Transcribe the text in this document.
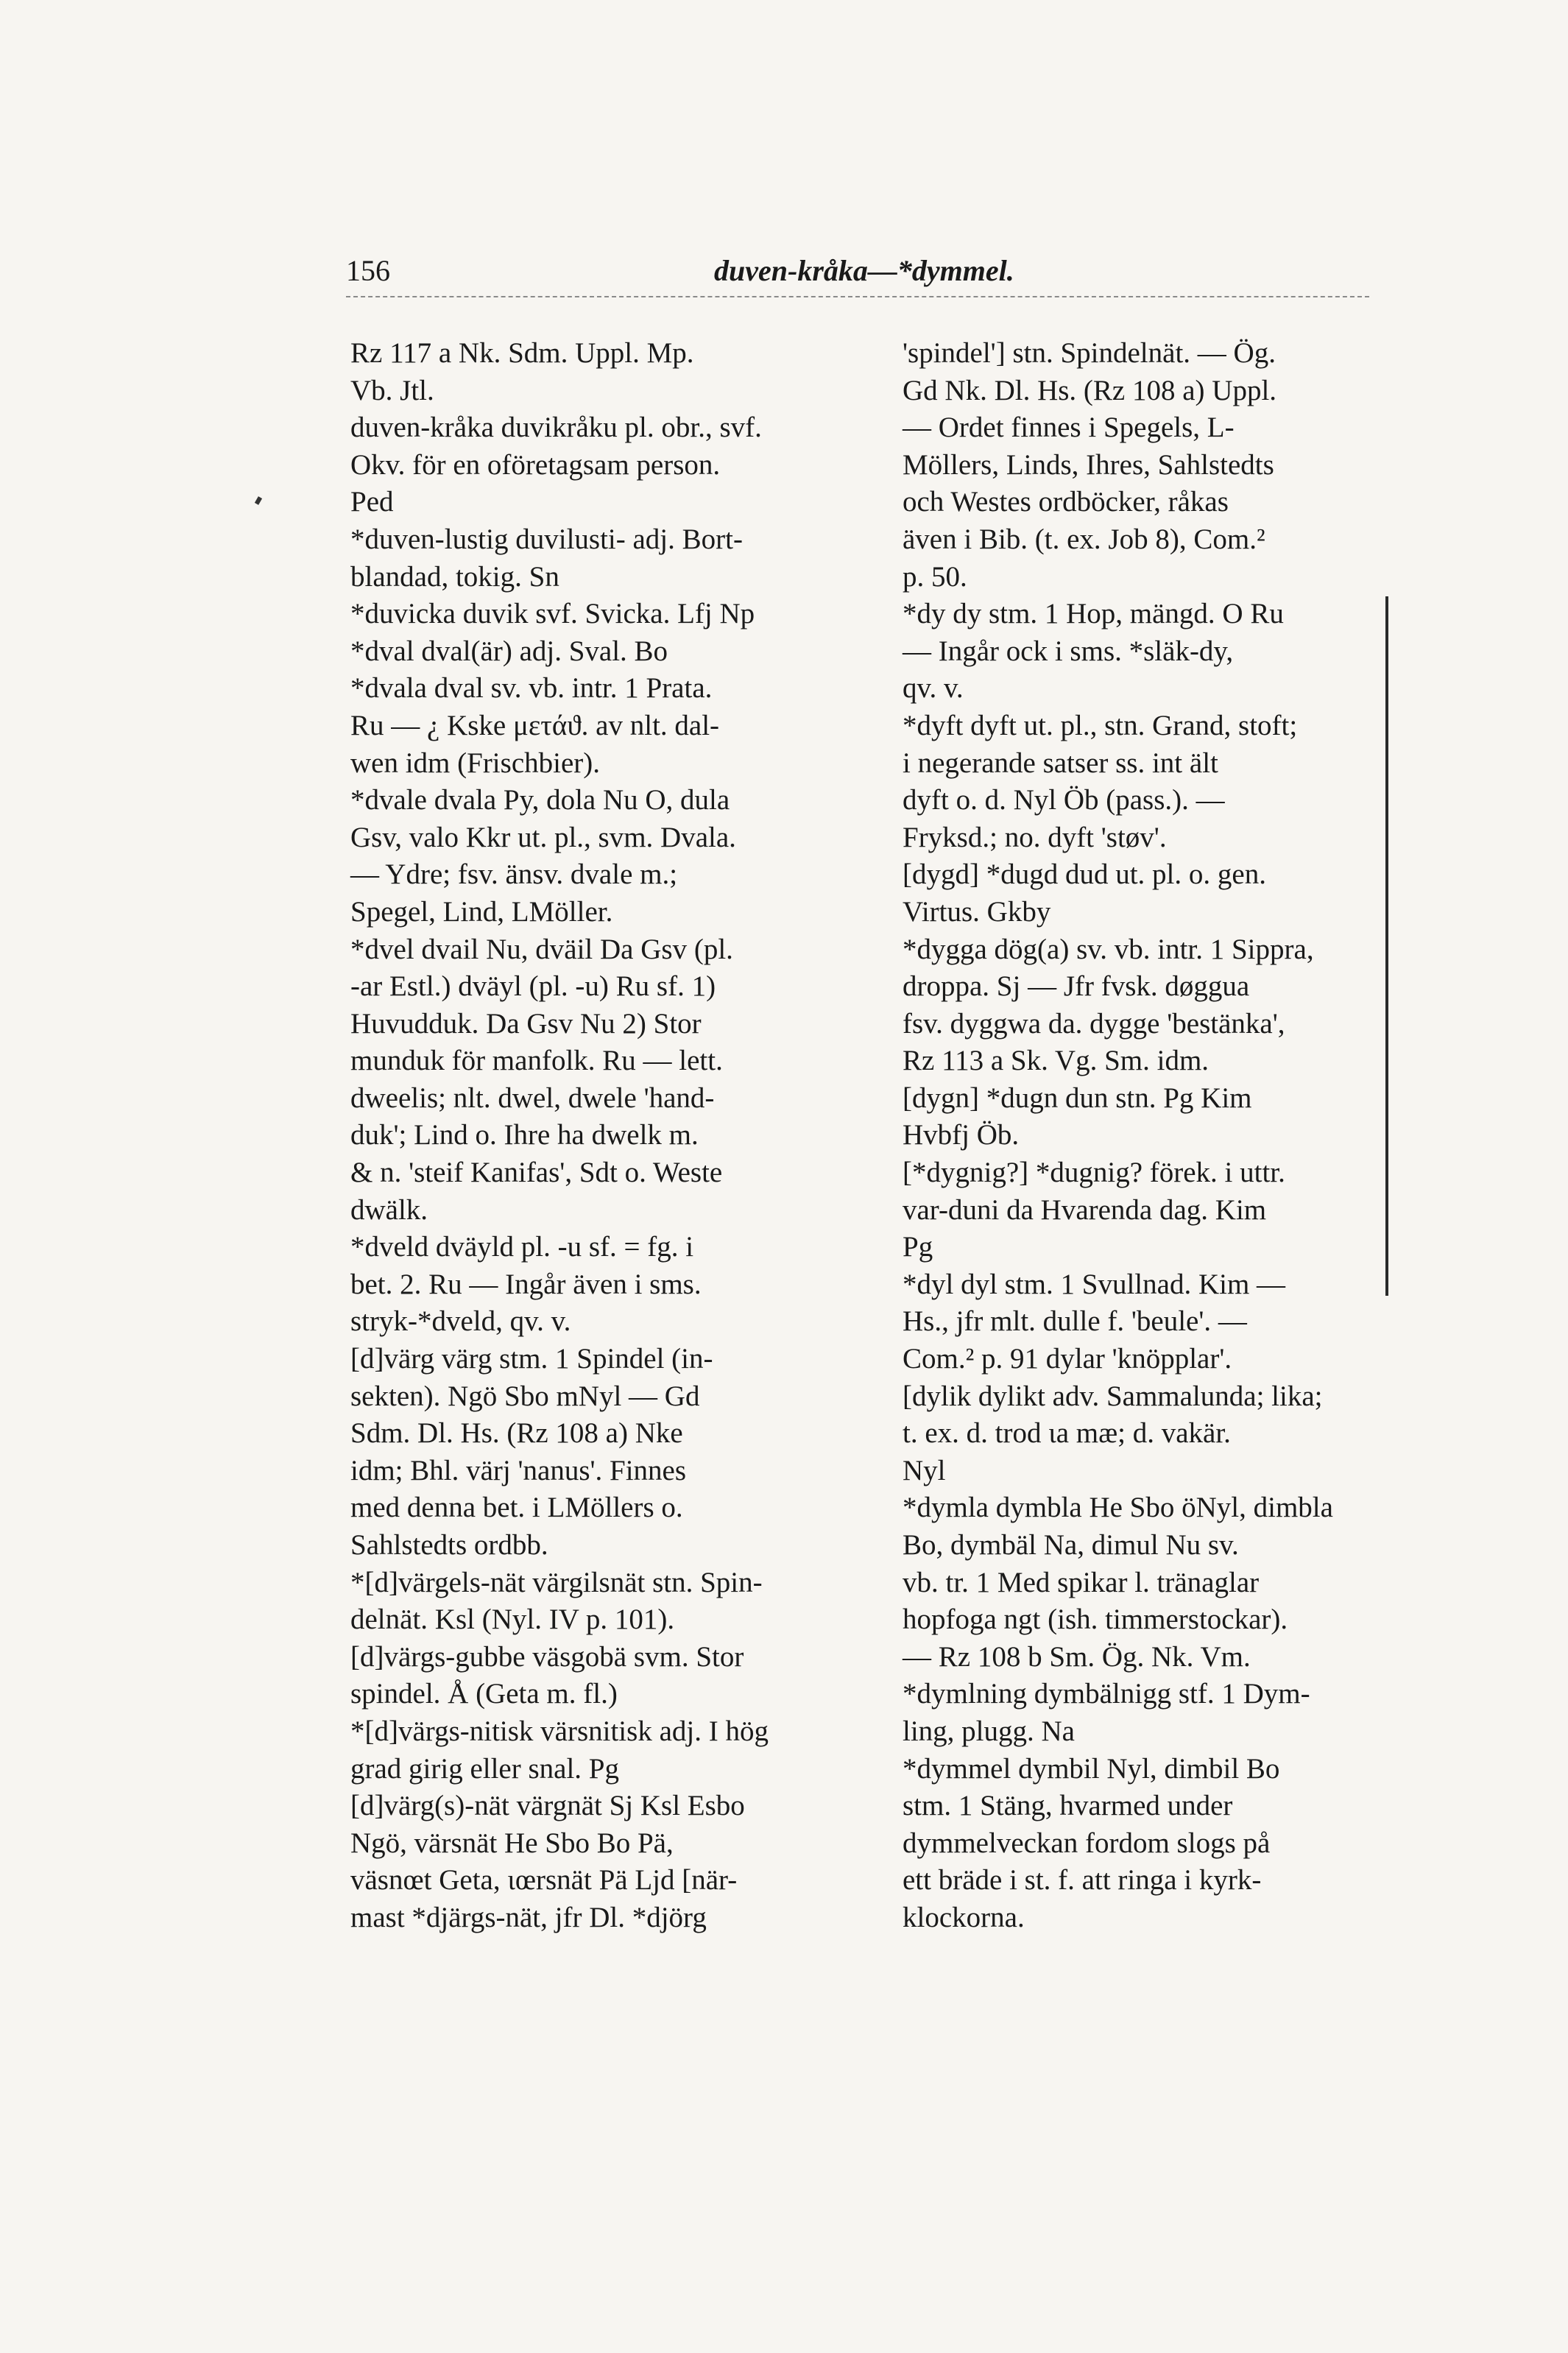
156	duven-kråka—*dymmel.
Rz 117 a Nk. Sdm. Uppl. Mp.
Vb. Jtl.
duven-kråka duvikråku pl. obr., svf.
Okv. för en oföretagsam person.
Ped
*duven-lustig duvilusti- adj. Bort-
blandad, tokig. Sn
*duvicka duvik svf. Svicka. Lfj Np
*dval dval(är) adj. Sval. Bo
*dvala dval sv. vb. intr. 1 Prata.
Ru — ¿ Kske μετάϑ. av nlt. dal-
wen idm (Frischbier).
*dvale dvala Py, dola Nu O, dula
Gsv, valo Kkr ut. pl., svm. Dvala.
— Ydre; fsv. änsv. dvale m.;
Spegel, Lind, LMöller.
*dvel dvail Nu, dväil Da Gsv (pl.
-ar Estl.) dväyl (pl. -u) Ru sf. 1)
Huvudduk. Da Gsv Nu 2) Stor
munduk för manfolk. Ru — lett.
dweelis; nlt. dwel, dwele 'hand-
duk'; Lind o. Ihre ha dwelk m.
& n. 'steif Kanifas', Sdt o. Weste
dwälk.
*dveld dväyld pl. -u sf. = fg. i
bet. 2. Ru — Ingår även i sms.
stryk-*dveld, qv. v.
[d]värg värg stm. 1 Spindel (in-
sekten). Ngö Sbo mNyl — Gd
Sdm. Dl. Hs. (Rz 108 a) Nke
idm; Bhl. värj 'nanus'. Finnes
med denna bet. i LMöllers o.
Sahlstedts ordbb.
*[d]värgels-nät värgilsnät stn. Spin-
delnät. Ksl (Nyl. IV p. 101).
[d]värgs-gubbe väsgobä svm. Stor
spindel. Å (Geta m. fl.)
*[d]värgs-nitisk värsnitisk adj. I hög
grad girig eller snal. Pg
[d]värg(s)-nät värgnät Sj Ksl Esbo
Ngö, värsnät He Sbo Bo Pä,
väsnœt Geta, ɩœrsnät Pä Ljd [när-
mast *djärgs-nät, jfr Dl. *djörg
'spindel'] stn. Spindelnät. — Ög.
Gd Nk. Dl. Hs. (Rz 108 a) Uppl.
— Ordet finnes i Spegels, L-
Möllers, Linds, Ihres, Sahlstedts
och Westes ordböcker, råkas
även i Bib. (t. ex. Job 8), Com.²
p. 50.
*dy dy stm. 1 Hop, mängd. O Ru
— Ingår ock i sms. *släk-dy,
qv. v.
*dyft dyft ut. pl., stn. Grand, stoft;
i negerande satser ss. int ält
dyft o. d. Nyl Öb (pass.). —
Fryksd.; no. dyft 'støv'.
[dygd] *dugd dud ut. pl. o. gen.
Virtus. Gkby
*dygga dög(a) sv. vb. intr. 1 Sippra,
droppa. Sj — Jfr fvsk. døggua
fsv. dyggwa da. dygge 'bestänka',
Rz 113 a Sk. Vg. Sm. idm.
[dygn] *dugn dun stn. Pg Kim
Hvbfj Öb.
[*dygnig?] *dugnig? förek. i uttr.
var-duni da Hvarenda dag. Kim
Pg
*dyl dyl stm. 1 Svullnad. Kim —
Hs., jfr mlt. dulle f. 'beule'. —
Com.² p. 91 dylar 'knöpplar'.
[dylik dylikt adv. Sammalunda; lika;
t. ex. d. trod ɩa mæ; d. vakär.
Nyl
*dymla dymbla He Sbo öNyl, dimbla
Bo, dymbäl Na, dimul Nu sv.
vb. tr. 1 Med spikar l. tränaglar
hopfoga ngt (ish. timmerstockar).
— Rz 108 b Sm. Ög. Nk. Vm.
*dymlning dymbälnigg stf. 1 Dym-
ling, plugg. Na
*dymmel dymbil Nyl, dimbil Bo
stm. 1 Stäng, hvarmed under
dymmelveckan fordom slogs på
ett bräde i st. f. att ringa i kyrk-
klockorna.
